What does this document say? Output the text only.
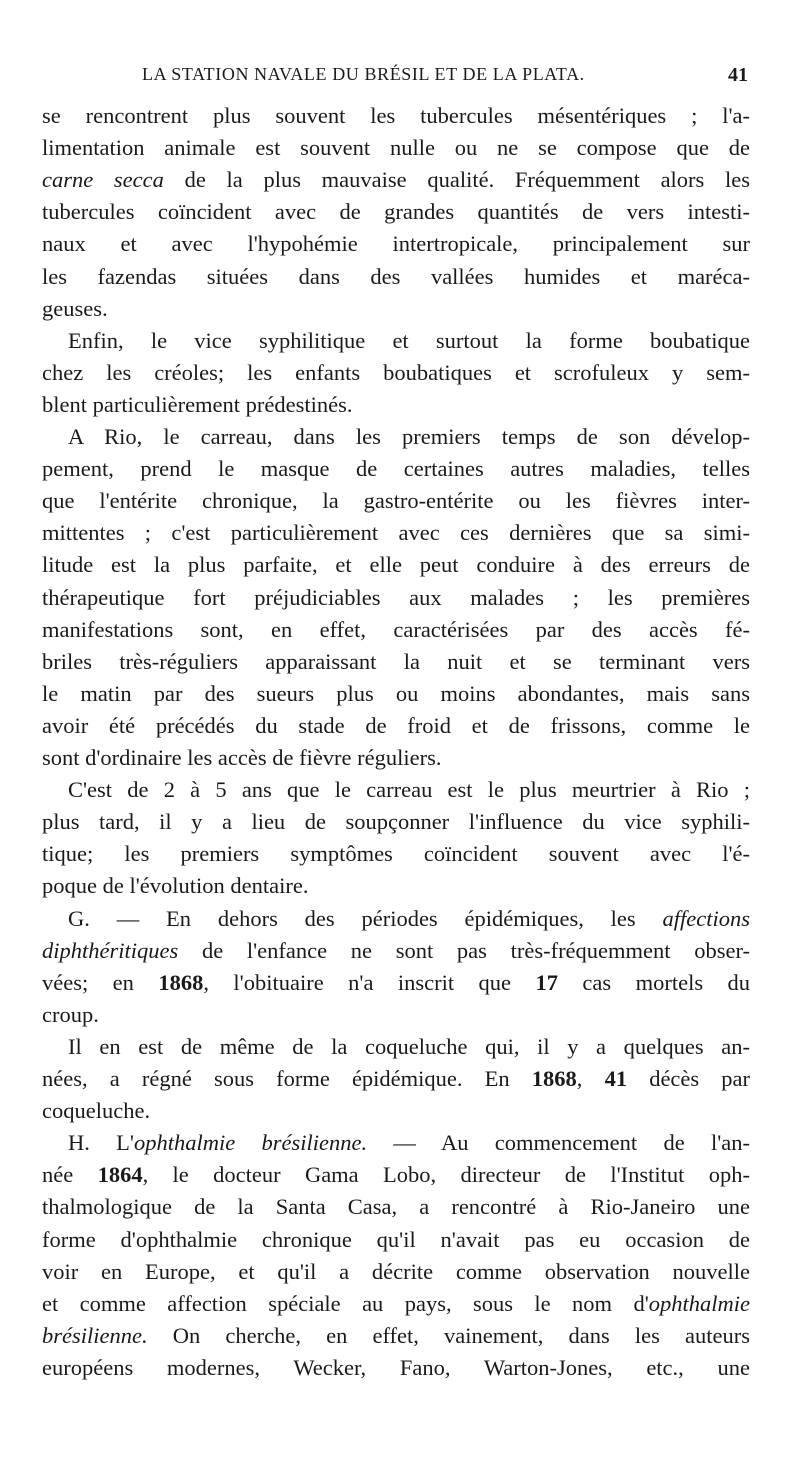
LA STATION NAVALE DU BRÉSIL ET DE LA PLATA.	41
se rencontrent plus souvent les tubercules mésentériques ; l'a-
limentation animale est souvent nulle ou ne se compose que de
carne secca de la plus mauvaise qualité. Fréquemment alors les
tubercules coïncident avec de grandes quantités de vers intesti-
naux et avec l'hypohémie intertropicale, principalement sur
les fazendas situées dans des vallées humides et maréca-
geuses.
Enfin, le vice syphilitique et surtout la forme boubatique
chez les créoles; les enfants boubatiques et scrofuleux y sem-
blent particulièrement prédestinés.
A Rio, le carreau, dans les premiers temps de son dévelop-
pement, prend le masque de certaines autres maladies, telles
que l'entérite chronique, la gastro-entérite ou les fièvres inter-
mittentes ; c'est particulièrement avec ces dernières que sa simi-
litude est la plus parfaite, et elle peut conduire à des erreurs de
thérapeutique fort préjudiciables aux malades ; les premières
manifestations sont, en effet, caractérisées par des accès fé-
briles très-réguliers apparaissant la nuit et se terminant vers
le matin par des sueurs plus ou moins abondantes, mais sans
avoir été précédés du stade de froid et de frissons, comme le
sont d'ordinaire les accès de fièvre réguliers.
C'est de 2 à 5 ans que le carreau est le plus meurtrier à Rio ;
plus tard, il y a lieu de soupçonner l'influence du vice syphili-
tique; les premiers symptômes coïncident souvent avec l'é-
poque de l'évolution dentaire.
G. — En dehors des périodes épidémiques, les affections
diphthéritiques de l'enfance ne sont pas très-fréquemment obser-
vées; en 1868, l'obituaire n'a inscrit que 17 cas mortels du
croup.
Il en est de même de la coqueluche qui, il y a quelques an-
nées, a régné sous forme épidémique. En 1868, 41 décès par
coqueluche.
H. L'ophthalmie brésilienne. — Au commencement de l'an-
née 1864, le docteur Gama Lobo, directeur de l'Institut oph-
thalmologique de la Santa Casa, a rencontré à Rio-Janeiro une
forme d'ophthalmie chronique qu'il n'avait pas eu occasion de
voir en Europe, et qu'il a décrite comme observation nouvelle
et comme affection spéciale au pays, sous le nom d'ophthalmie
brésilienne. On cherche, en effet, vainement, dans les auteurs
européens modernes, Wecker, Fano, Warton-Jones, etc., une
